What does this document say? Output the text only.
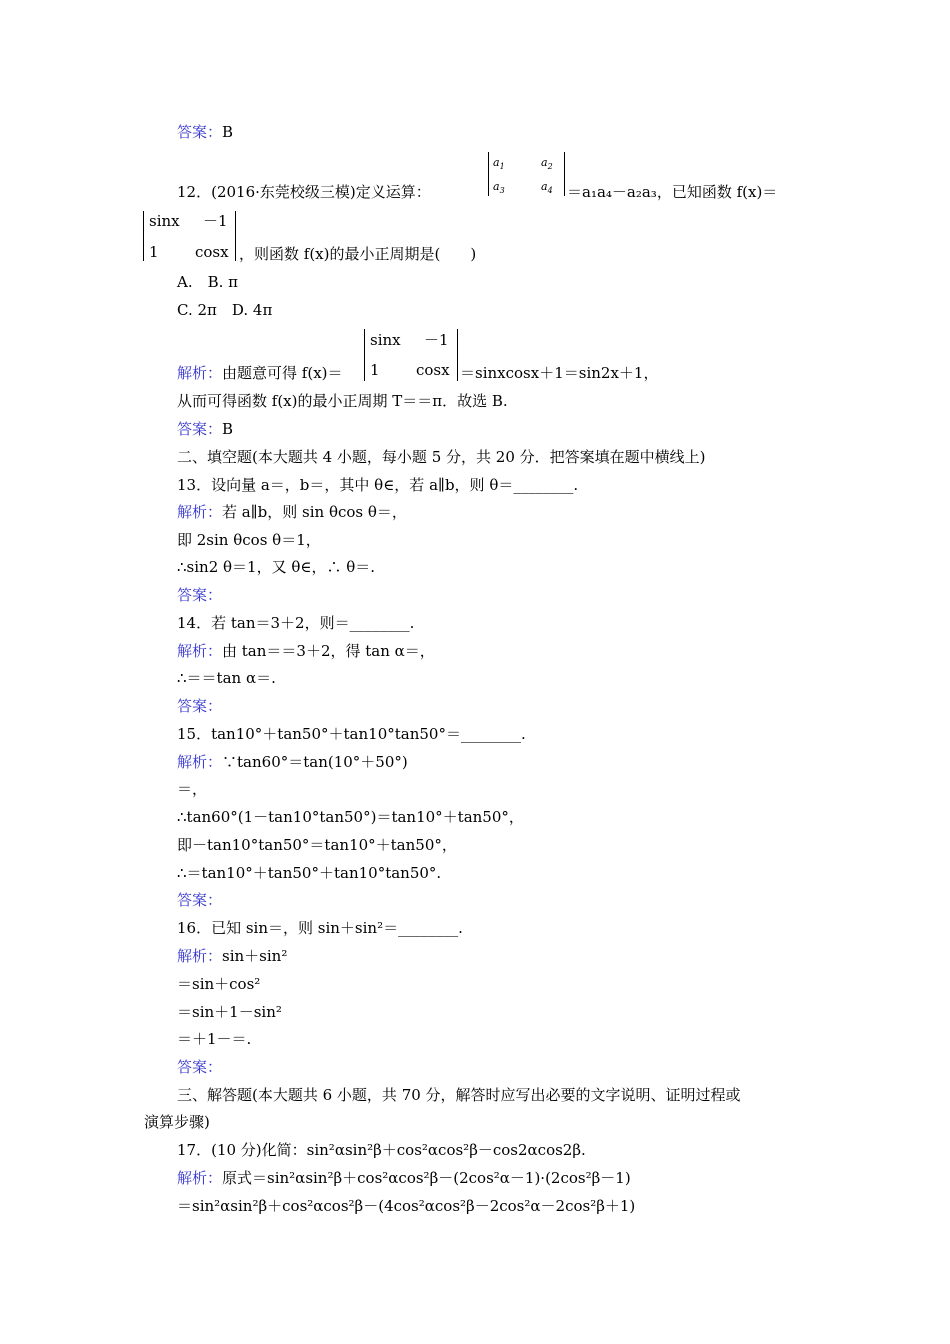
答案：B
$a_1$	$a_2$
$a_3$	$a_4$
12．(2016·东莞校级三模)定义运算：	＝a₁a₄－a₂a₃，已知函数 f(x)＝
sinx －1
1 cosx ，则函数 f(x)的最小正周期是(　　)
A.　B. π
C. 2π　D. 4π
解析：由题意可得 f(x)＝
sinx －1
1 cosx ＝sinxcosx＋1＝sin2x＋1，
从而可得函数 f(x)的最小正周期 T＝＝π．故选 B.
答案：B
二、填空题(本大题共 4 小题，每小题 5 分，共 20 分．把答案填在题中横线上)
13．设向量 a＝，b＝，其中 θ∈，若 a∥b，则 θ＝________.
解析：若 a∥b，则 sin θcos θ＝，
即 2sin θcos θ＝1，
∴sin2 θ＝1，又 θ∈，∴ θ＝.
答案：
14．若 tan＝3＋2，则＝________.
解析：由 tan＝＝3＋2，得 tan α＝，
∴＝＝tan α＝.
答案：
15．tan10°＋tan50°＋tan10°tan50°＝________.
解析：∵tan60°＝tan(10°＋50°)
＝，
∴tan60°(1－tan10°tan50°)＝tan10°＋tan50°，
即－tan10°tan50°＝tan10°＋tan50°，
∴＝tan10°＋tan50°＋tan10°tan50°.
答案：
16．已知 sin＝，则 sin＋sin²＝________.
解析：sin＋sin²
＝sin＋cos²
＝sin＋1－sin²
＝＋1－＝.
答案：
三、解答题(本大题共 6 小题，共 70 分，解答时应写出必要的文字说明、证明过程或
演算步骤)
17．(10 分)化简：sin²αsin²β＋cos²αcos²β－cos2αcos2β.
解析：原式＝sin²αsin²β＋cos²αcos²β－(2cos²α－1)·(2cos²β－1)
＝sin²αsin²β＋cos²αcos²β－(4cos²αcos²β－2cos²α－2cos²β＋1)
